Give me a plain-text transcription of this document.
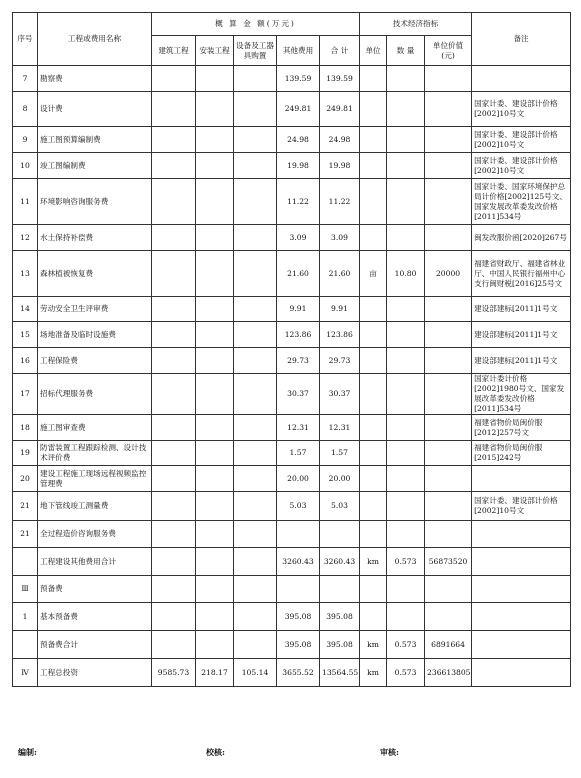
序号	工程或费用名称	概 算 金 额(万元)					技术经济指标			备注
		建筑工程	安装工程	设备及工器具购置	其他费用	合 计	单位	数 量	单位价值(元)	
7	勘察费				139.59	139.59				
8	设计费				249.81	249.81				国家计委、建设部计价格[2002]10号文
9	施工图预算编制费				24.98	24.98				国家计委、建设部计价格[2002]10号文
10	竣工图编制费				19.98	19.98				国家计委、建设部计价格[2002]10号文
11	环境影响咨询服务费				11.22	11.22				国家计委、国家环境保护总局计价格[2002]125号文、国家发展改革委发改价格[2011]534号
12	水土保持补偿费				3.09	3.09				闽发改服价函[2020]267号
13	森林植被恢复费				21.60	21.60	亩	10.80	20000	福建省财政厅、福建省林业厅、中国人民银行福州中心支行闽财税[2016]25号文
14	劳动安全卫生评审费				9.91	9.91				建设部建标[2011]1号文
15	场地准备及临时设施费				123.86	123.86				建设部建标[2011]1号文
16	工程保险费				29.73	29.73				建设部建标[2011]1号文
17	招标代理服务费				30.37	30.37				国家计委计价格[2002]1980号文、国家发展改革委发改价格[2011]534号
18	施工图审查费				12.31	12.31				福建省物价局闽价服[2012]257号文
19	防雷装置工程跟踪检测、设计技术评价费				1.57	1.57				福建省物价局闽价服[2015]242号
20	建设工程施工现场远程视频监控管理费				20.00	20.00				
21	地下管线竣工测量费				5.03	5.03				国家计委、建设部计价格[2002]10号文
21	全过程造价咨询服务费									
	工程建设其他费用合计				3260.43	3260.43	km	0.573	56873520	
Ⅲ	预备费									
1	基本预备费				395.08	395.08				
	预备费合计				395.08	395.08	km	0.573	6891664	
Ⅳ	工程总投资	9585.73	218.17	105.14	3655.52	13564.55	km	0.573	236613805	
编制:	校核:	审核:
